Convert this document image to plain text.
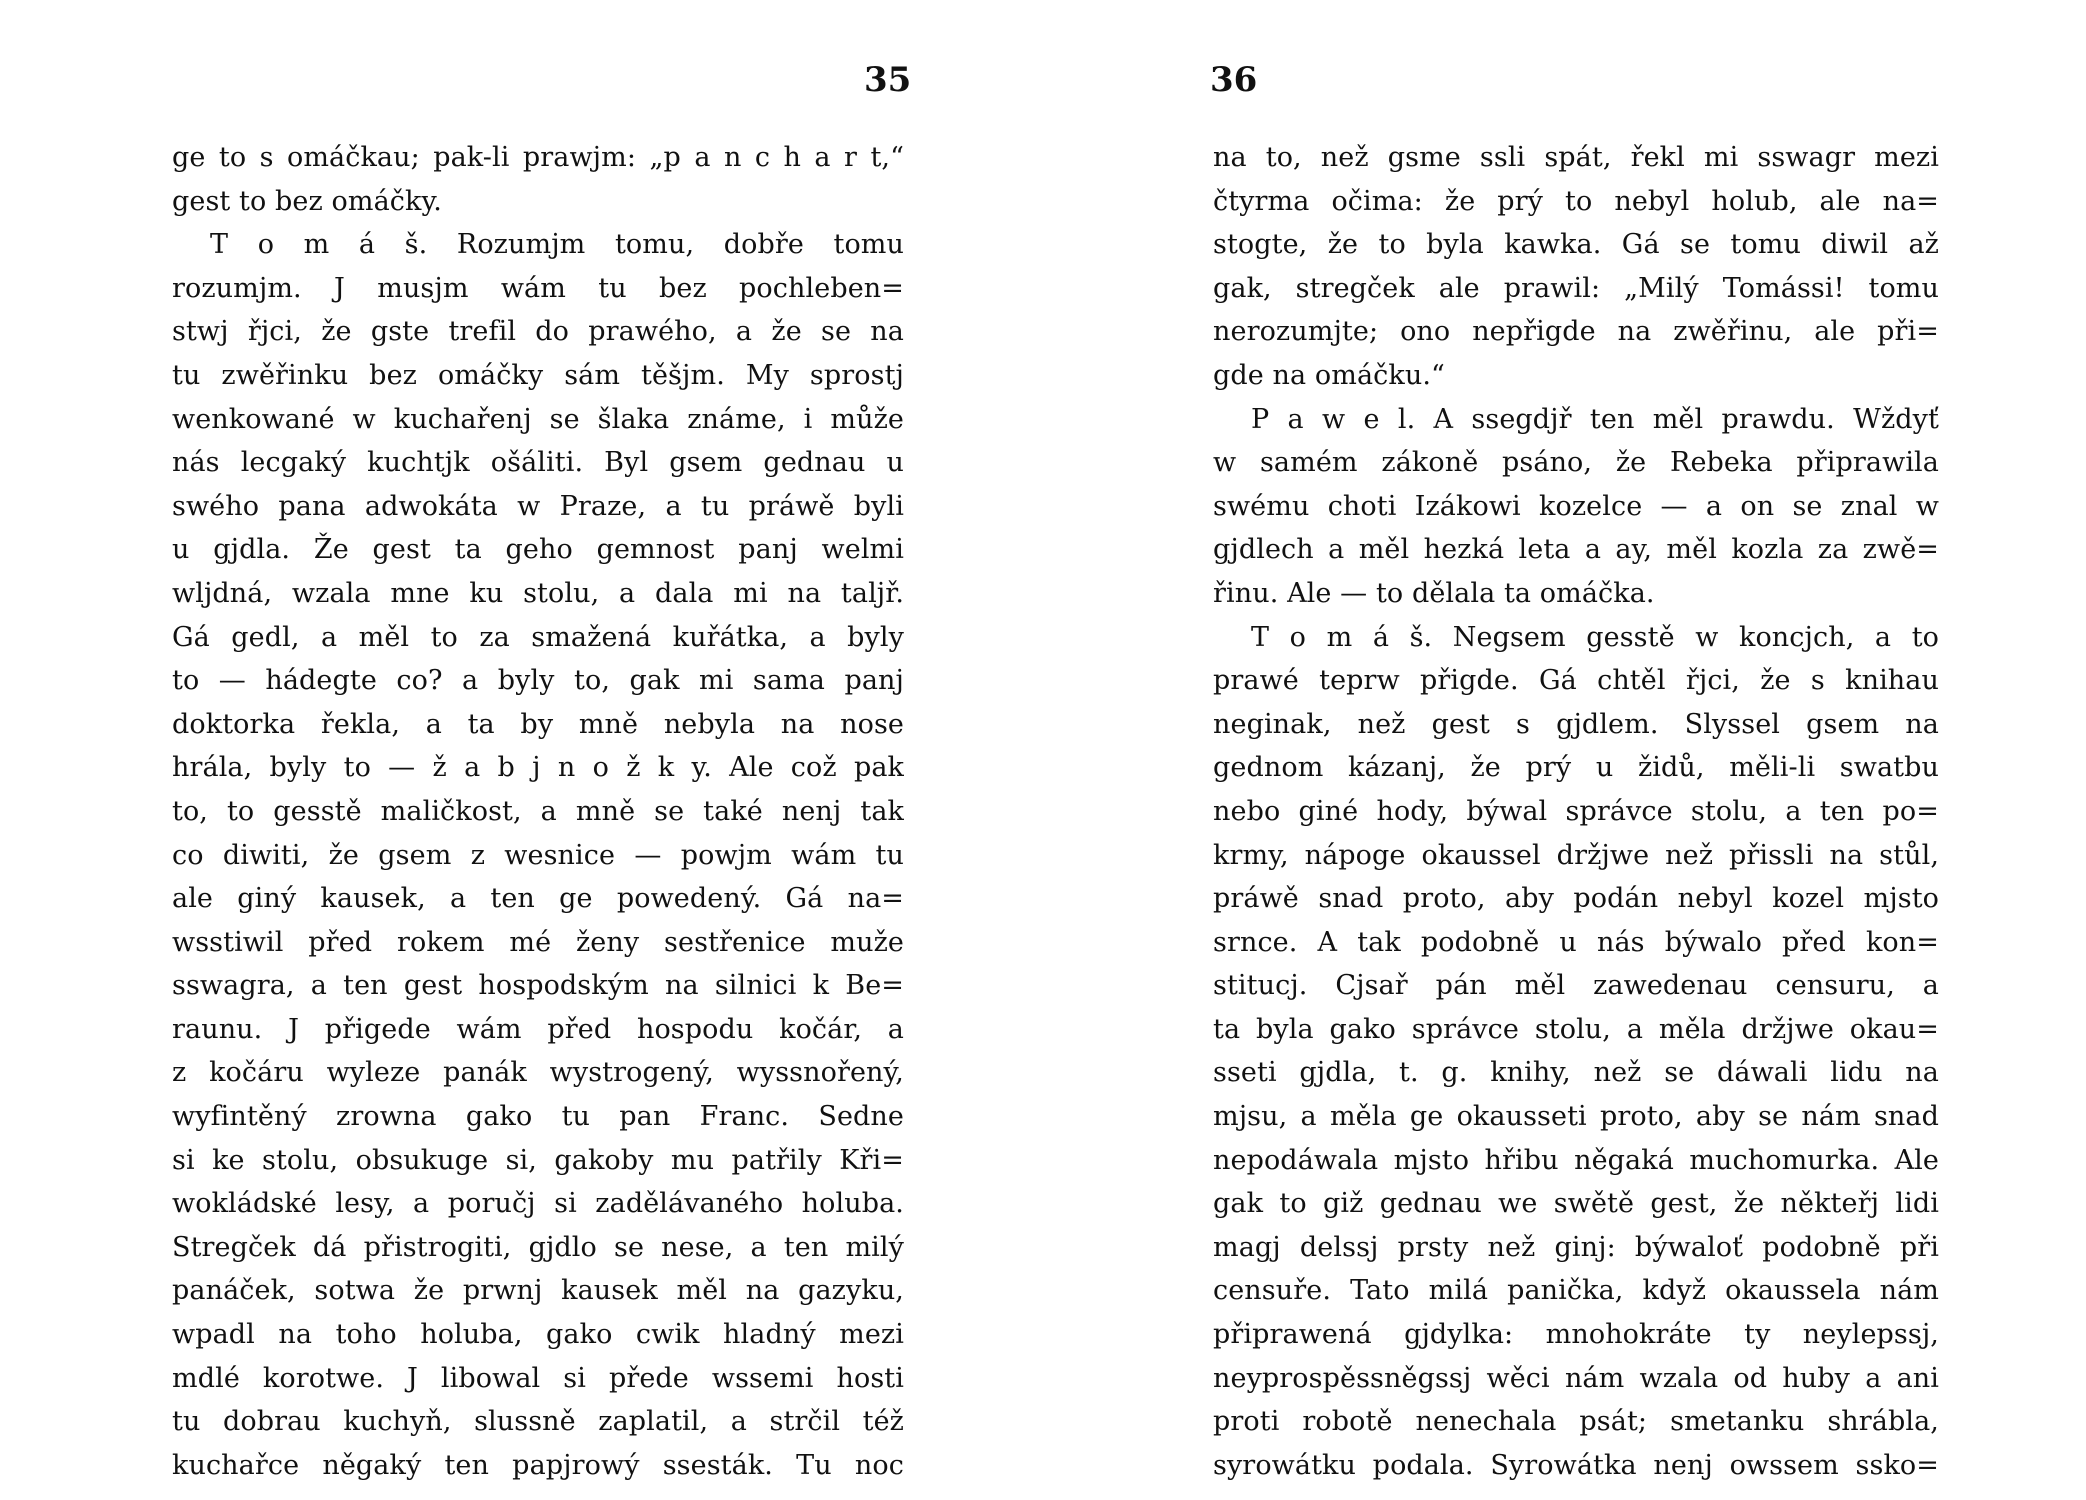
35
ge to s omáčkau; pak-li prawjm: „p a n c h a r t,“
gest to bez omáčky.
T o m á š. Rozumjm tomu, dobře tomu
rozumjm. J musjm wám tu bez pochleben=
stwj řjci, že gste trefil do prawého, a že se na
tu zwěřinku bez omáčky sám těšjm. My sprostj
wenkowané w kuchařenj se šlaka známe, i může
nás lecgaký kuchtjk ošáliti. Byl gsem gednau u
swého pana adwokáta w Praze, a tu práwě byli
u gjdla. Že gest ta geho gemnost panj welmi
wljdná, wzala mne ku stolu, a dala mi na taljř.
Gá gedl, a měl to za smažená kuřátka, a byly
to — hádegte co? a byly to, gak mi sama panj
doktorka řekla, a ta by mně nebyla na nose
hrála, byly to — ž a b j n o ž k y. Ale což pak
to, to gesstě maličkost, a mně se také nenj tak
co diwiti, že gsem z wesnice — powjm wám tu
ale giný kausek, a ten ge powedený. Gá na=
wsstiwil před rokem mé ženy sestřenice muže
sswagra, a ten gest hospodským na silnici k Be=
raunu. J přigede wám před hospodu kočár, a
z kočáru wyleze panák wystrogený, wyssnořený,
wyfintěný zrowna gako tu pan Franc. Sedne
si ke stolu, obsukuge si, gakoby mu patřily Kři=
wokládské lesy, a poručj si zadělávaného holuba.
Stregček dá přistrogiti, gjdlo se nese, a ten milý
panáček, sotwa že prwnj kausek měl na gazyku,
wpadl na toho holuba, gako cwik hladný mezi
mdlé korotwe. J libowal si přede wssemi hosti
tu dobrau kuchyň, slussně zaplatil, a strčil též
kuchařce něgaký ten papjrowý ssesták. Tu noc
36
na to, než gsme ssli spát, řekl mi sswagr mezi
čtyrma očima: že prý to nebyl holub, ale na=
stogte, že to byla kawka. Gá se tomu diwil až
gak, stregček ale prawil: „Milý Tomássi! tomu
nerozumjte; ono nepřigde na zwěřinu, ale při=
gde na omáčku.“
P a w e l. A ssegdjř ten měl prawdu. Wždyť
w samém zákoně psáno, že Rebeka připrawila
swému choti Izákowi kozelce — a on se znal w
gjdlech a měl hezká leta a ay, měl kozla za zwě=
řinu. Ale — to dělala ta omáčka.
T o m á š. Negsem gesstě w koncjch, a to
prawé teprw přigde. Gá chtěl řjci, že s knihau
neginak, než gest s gjdlem. Slyssel gsem na
gednom kázanj, že prý u židů, měli-li swatbu
nebo giné hody, býwal správce stolu, a ten po=
krmy, nápoge okaussel držjwe než přissli na stůl,
práwě snad proto, aby podán nebyl kozel mjsto
srnce. A tak podobně u nás býwalo před kon=
stitucj. Cjsař pán měl zawedenau censuru, a
ta byla gako správce stolu, a měla držjwe okau=
sseti gjdla, t. g. knihy, než se dáwali lidu na
mjsu, a měla ge okausseti proto, aby se nám snad
nepodáwala mjsto hřibu něgaká muchomurka. Ale
gak to giž gednau we swětě gest, že někteřj lidi
magj delssj prsty než ginj: býwaloť podobně při
censuře. Tato milá panička, když okaussela nám
připrawená gjdylka: mnohokráte ty neylepssj,
neyprospěssněgssj wěci nám wzala od huby a ani
proti robotě nenechala psát; smetanku shrábla,
syrowátku podala. Syrowátka nenj owssem ssko=
